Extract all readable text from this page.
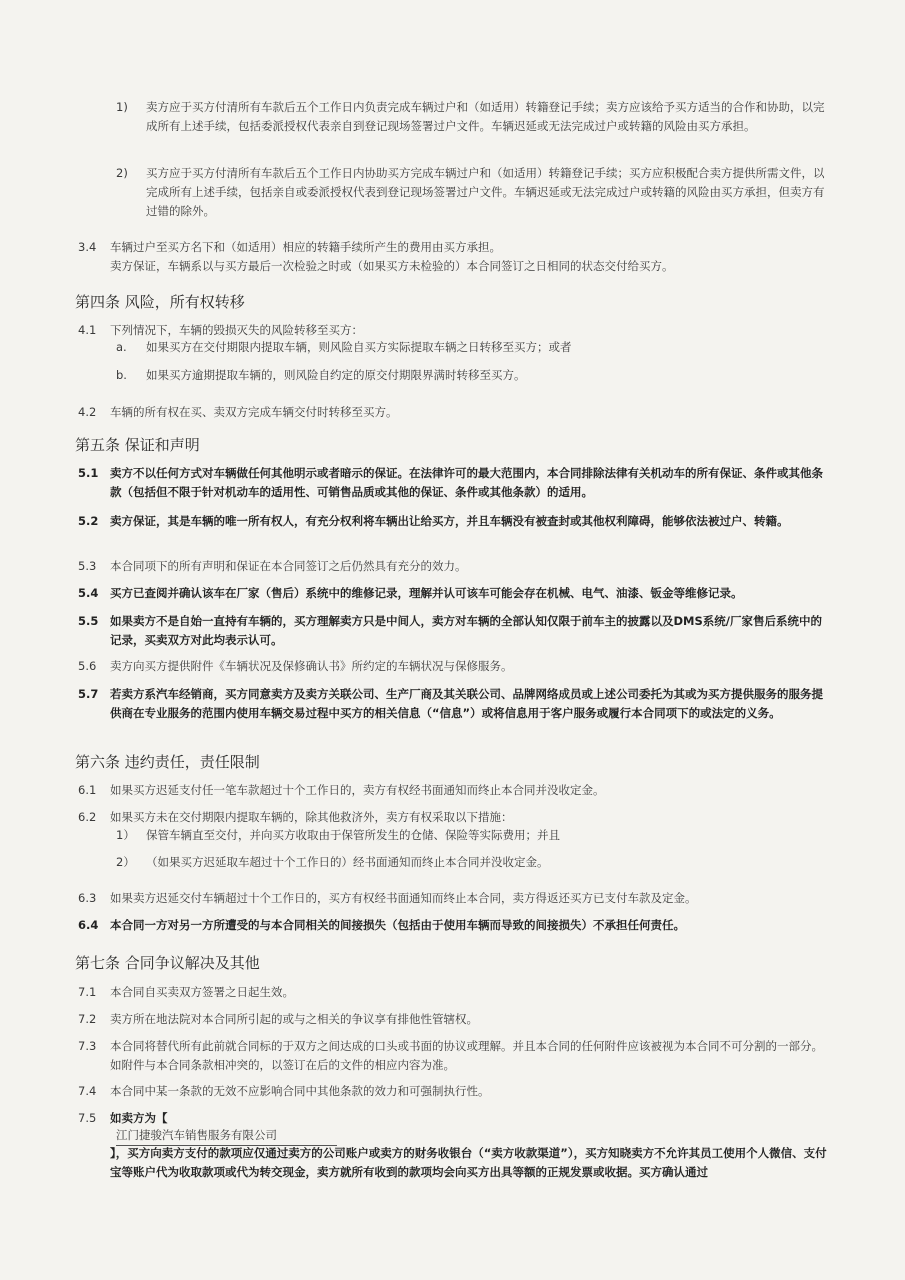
1) 卖方应于买方付清所有车款后五个工作日内负责完成车辆过户和（如适用）转籍登记手续；卖方应该给予买方适当的合作和协助，以完成所有上述手续，包括委派授权代表亲自到登记现场签署过户文件。车辆迟延或无法完成过户或转籍的风险由买方承担。

2) 买方应于买方付清所有车款后五个工作日内协助买方完成车辆过户和（如适用）转籍登记手续；买方应积极配合卖方提供所需文件，以完成所有上述手续，包括亲自或委派授权代表到登记现场签署过户文件。车辆迟延或无法完成过户或转籍的风险由买方承担，但卖方有过错的除外。

3.4 车辆过户至买方名下和（如适用）相应的转籍手续所产生的费用由买方承担。

卖方保证，车辆系以与买方最后一次检验之时或（如果买方未检验的）本合同签订之日相同的状态交付给买方。

第四条 风险，所有权转移
4.1 下列情况下，车辆的毁损灭失的风险转移至买方：

a. 如果买方在交付期限内提取车辆，则风险自买方实际提取车辆之日转移至买方；或者

b. 如果买方逾期提取车辆的，则风险自约定的原交付期限界满时转移至买方。

4.2 车辆的所有权在买、卖双方完成车辆交付时转移至买方。

第五条 保证和声明
5.1 卖方不以任何方式对车辆做任何其他明示或者暗示的保证。在法律许可的最大范围内，本合同排除法律有关机动车的所有保证、条件或其他条款（包括但不限于针对机动车的适用性、可销售品质或其他的保证、条件或其他条款）的适用。

5.2 卖方保证，其是车辆的唯一所有权人，有充分权利将车辆出让给买方，并且车辆没有被查封或其他权利障碍，能够依法被过户、转籍。

5.3 本合同项下的所有声明和保证在本合同签订之后仍然具有充分的效力。

5.4 买方已查阅并确认该车在厂家（售后）系统中的维修记录，理解并认可该车可能会存在机械、电气、油漆、钣金等维修记录。

5.5 如果卖方不是自始一直持有车辆的，买方理解卖方只是中间人，卖方对车辆的全部认知仅限于前车主的披露以及DMS系统/厂家售后系统中的记录，买卖双方对此均表示认可。

5.6 卖方向买方提供附件《车辆状况及保修确认书》所约定的车辆状况与保修服务。

5.7 若卖方系汽车经销商，买方同意卖方及卖方关联公司、生产厂商及其关联公司、品牌网络成员或上述公司委托为其或为买方提供服务的服务提供商在专业服务的范围内使用车辆交易过程中买方的相关信息（“信息”）或将信息用于客户服务或履行本合同项下的或法定的义务。

第六条 违约责任，责任限制
6.1 如果买方迟延支付任一笔车款超过十个工作日的，卖方有权经书面通知而终止本合同并没收定金。

6.2 如果买方未在交付期限内提取车辆的，除其他救济外，卖方有权采取以下措施：

1） 保管车辆直至交付，并向买方收取由于保管所发生的仓储、保险等实际费用；并且

2） （如果买方迟延取车超过十个工作日的）经书面通知而终止本合同并没收定金。

6.3 如果卖方迟延交付车辆超过十个工作日的，买方有权经书面通知而终止本合同，卖方得返还买方已支付车款及定金。

6.4 本合同一方对另一方所遭受的与本合同相关的间接损失（包括由于使用车辆而导致的间接损失）不承担任何责任。

第七条 合同争议解决及其他
7.1 本合同自买卖双方签署之日起生效。

7.2 卖方所在地法院对本合同所引起的或与之相关的争议享有排他性管辖权。

7.3 本合同将替代所有此前就合同标的于双方之间达成的口头或书面的协议或理解。并且本合同的任何附件应该被视为本合同不可分割的一部分。如附件与本合同条款相冲突的，以签订在后的文件的相应内容为准。

7.4 本合同中某一条款的无效不应影响合同中其他条款的效力和可强制执行性。

7.5 如卖方为【

江门捷骏汽车销售服务有限公司

】，买方向卖方支付的款项应仅通过卖方的公司账户或卖方的财务收银台（“卖方收款渠道”），买方知晓卖方不允许其员工使用个人微信、支付宝等账户代为收取款项或代为转交现金，卖方就所有收到的款项均会向买方出具等额的正规发票或收据。买方确认通过
